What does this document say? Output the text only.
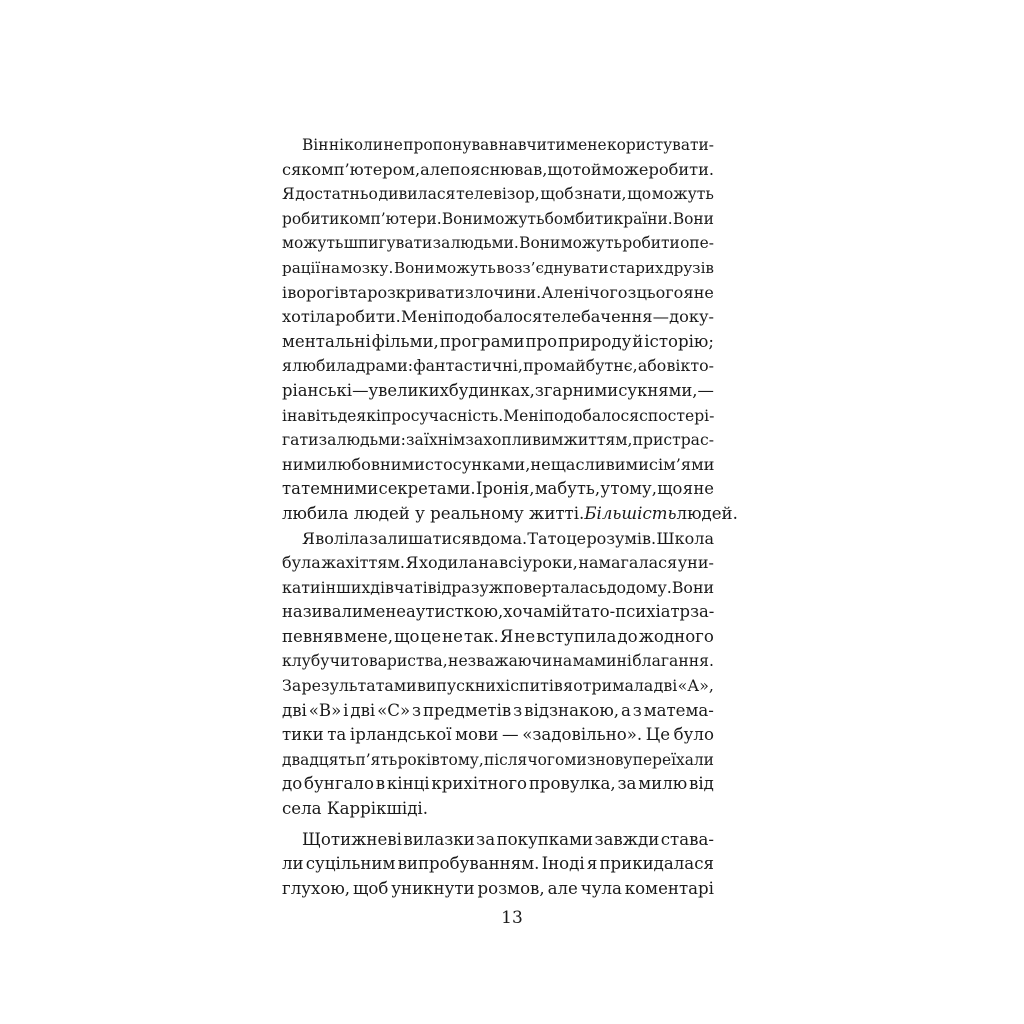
Він ніколи не пропонував навчити мене користувати-
ся комп’ютером, але пояснював, що той може робити.
Я достатньо дивилася телевізор, щоб знати, що можуть
робити комп’ютери. Вони можуть бомбити країни. Вони
можуть шпигувати за людьми. Вони можуть робити опе-
рації на мозку. Вони можуть возз’єднувати старих друзів
і ворогів та розкривати злочини. Але нічого з цього я не
хотіла робити. Мені подобалося телебачення — доку-
ментальні фільми, програми про природу й історію;
я любила драми: фантастичні, про майбутнє, або вікто-
ріанські — у великих будинках, з гарними сукнями, —
і навіть деякі про сучасність. Мені подобалося спостері-
гати за людьми: за їхнім захопливим життям, пристрас-
ними любовними стосунками, нещасливими сім’ями
та темними секретами. Іронія, мабуть, у тому, що я не
любила людей у реальному житті. Більшість людей.
Я воліла залишатися вдома. Тато це розумів. Школа
була жахіттям. Я ходила на всі уроки, намагалася уни-
кати інших дівчат і відразу ж поверталась додому. Вони
називали мене аутисткою, хоча мій тато-психіатр за-
певняв мене, що це не так. Я не вступила до жодного
клубу чи товариства, незважаючи на мамині благання.
За результатами випускних іспитів я отримала дві «А»,
дві «В» і дві «С» з предметів з відзнакою, а з матема-
тики та ірландської мови — «задовільно». Це було
двадцять п’ять років тому, після чого ми знову переїхали
до бунгало в кінці крихітного провулка, за милю від
села Каррікшіді.
Щотижневі вилазки за покупками завжди става-
ли суцільним випробуванням. Іноді я прикидалася
глухою, щоб уникнути розмов, але чула коментарі
13
